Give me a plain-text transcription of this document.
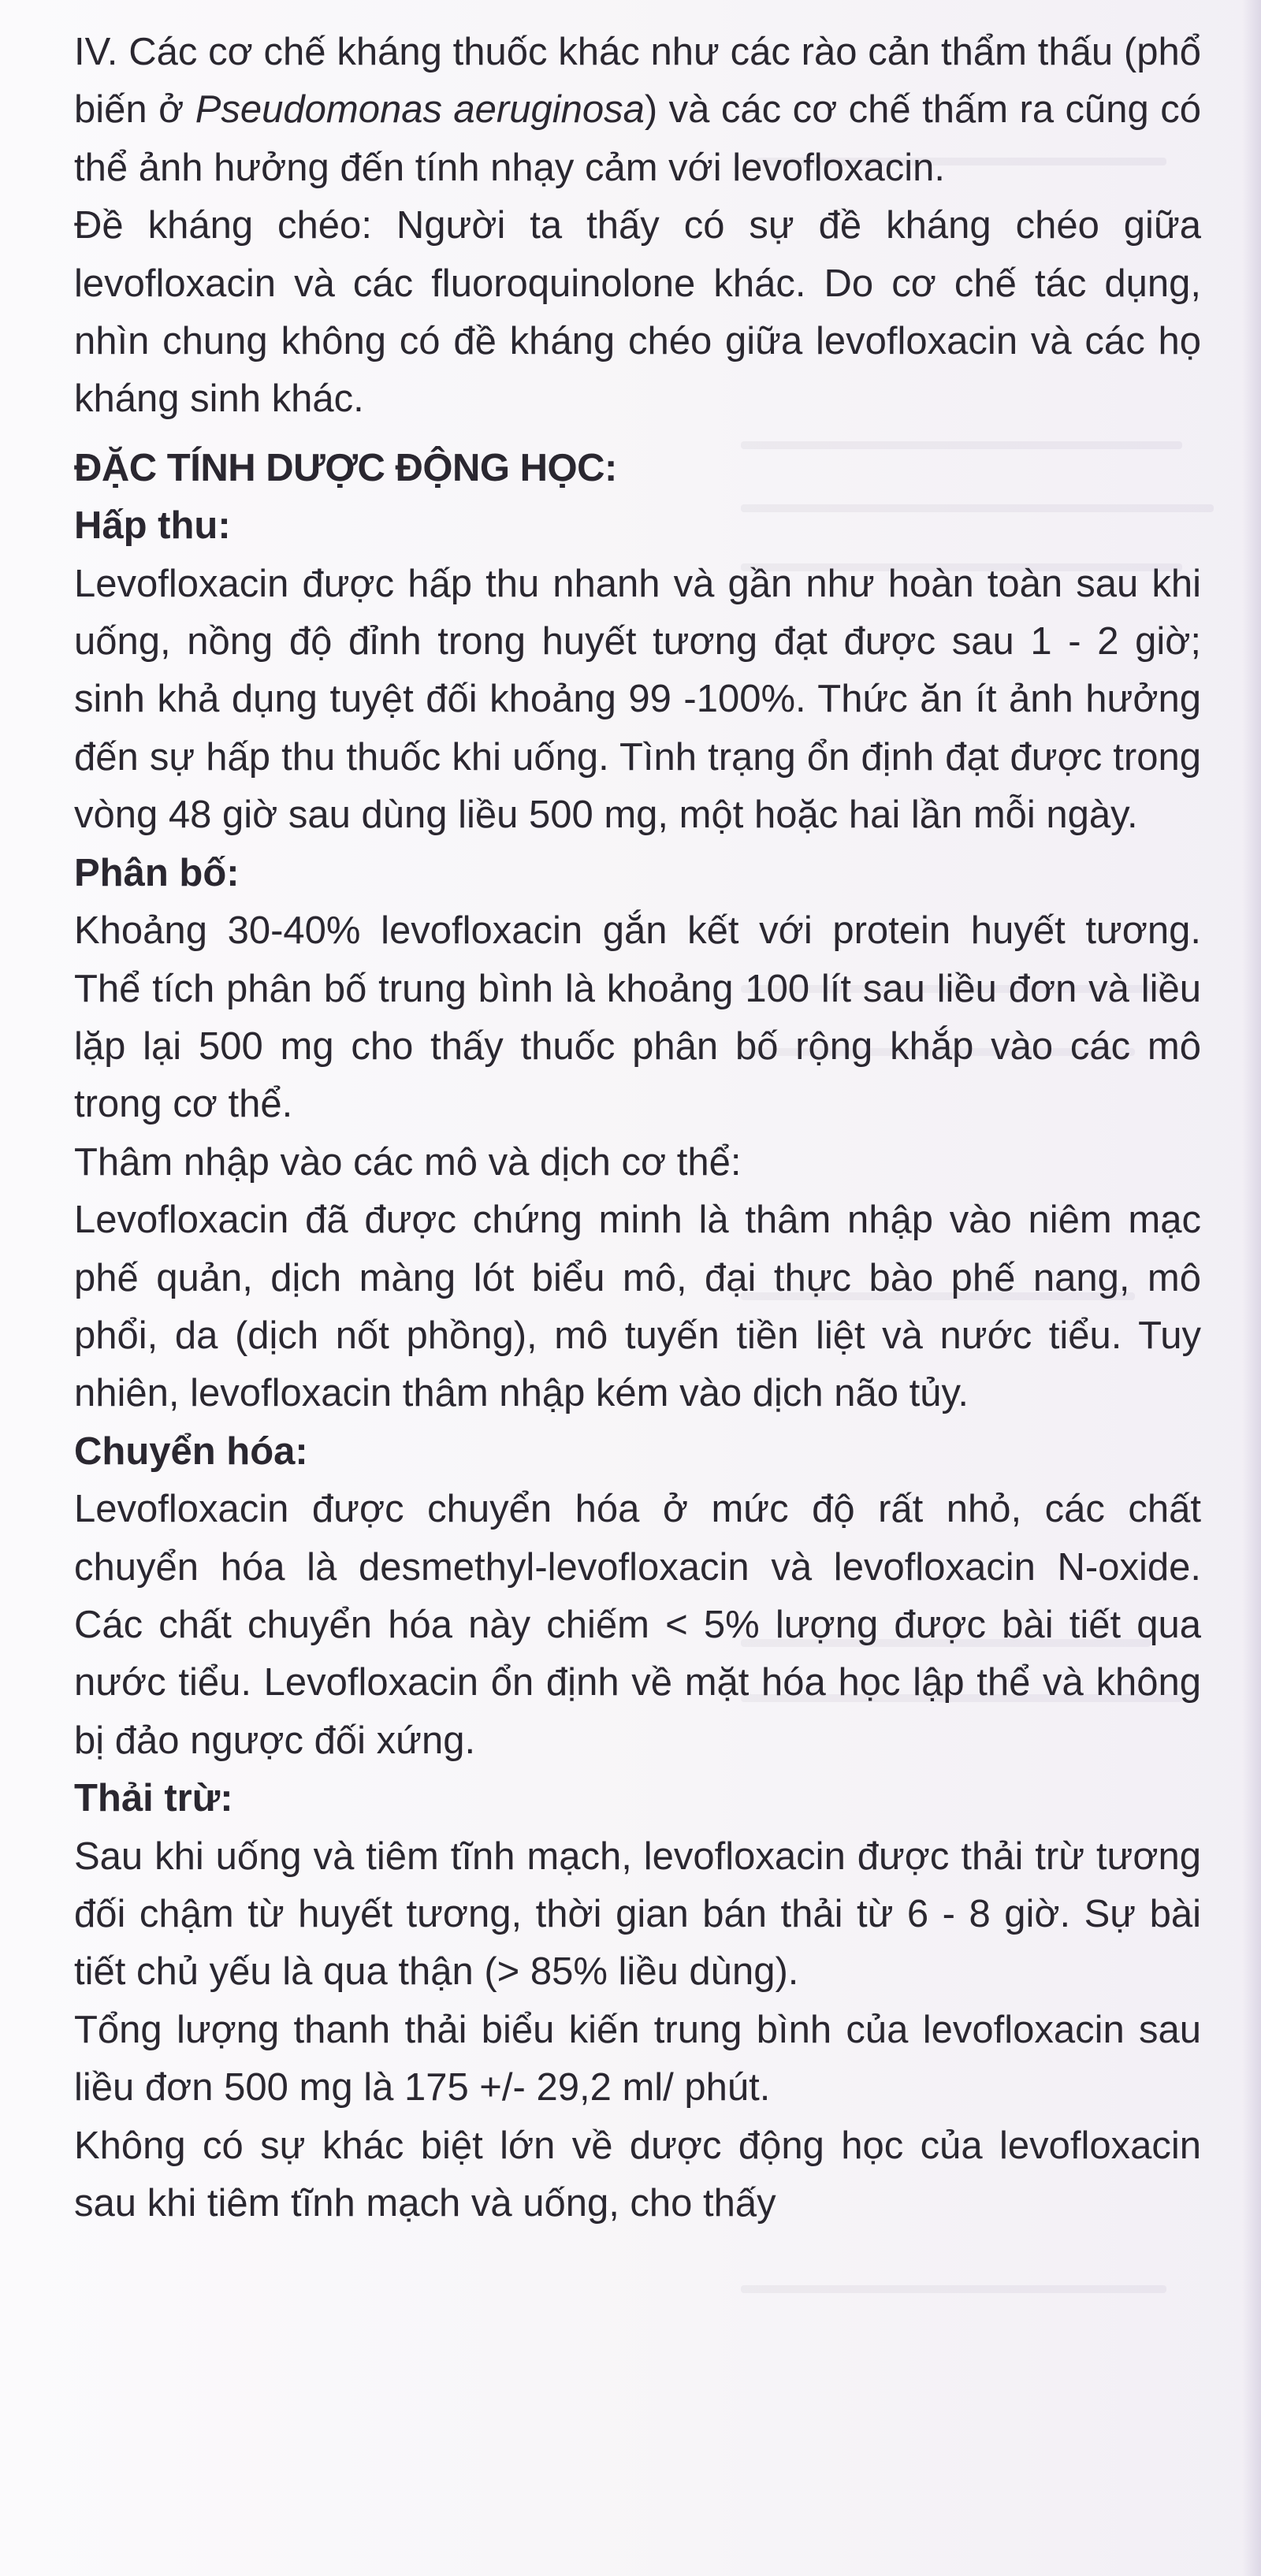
IV. Các cơ chế kháng thuốc khác như các rào cản thẩm thấu (phổ biến ở Pseudomonas aeruginosa) và các cơ chế thấm ra cũng có thể ảnh hưởng đến tính nhạy cảm với levofloxacin.

Đề kháng chéo: Người ta thấy có sự đề kháng chéo giữa levofloxacin và các fluoroquinolone khác. Do cơ chế tác dụng, nhìn chung không có đề kháng chéo giữa levofloxacin và các họ kháng sinh khác.

ĐẶC TÍNH DƯỢC ĐỘNG HỌC:
Hấp thu:

Levofloxacin được hấp thu nhanh và gần như hoàn toàn sau khi uống, nồng độ đỉnh trong huyết tương đạt được sau 1 - 2 giờ; sinh khả dụng tuyệt đối khoảng 99 -100%. Thức ăn ít ảnh hưởng đến sự hấp thu thuốc khi uống. Tình trạng ổn định đạt được trong vòng 48 giờ sau dùng liều 500 mg, một hoặc hai lần mỗi ngày.

Phân bố:

Khoảng 30-40% levofloxacin gắn kết với protein huyết tương. Thể tích phân bố trung bình là khoảng 100 lít sau liều đơn và liều lặp lại 500 mg cho thấy thuốc phân bố rộng khắp vào các mô trong cơ thể.

Thâm nhập vào các mô và dịch cơ thể:

Levofloxacin đã được chứng minh là thâm nhập vào niêm mạc phế quản, dịch màng lót biểu mô, đại thực bào phế nang, mô phổi, da (dịch nốt phồng), mô tuyến tiền liệt và nước tiểu. Tuy nhiên, levofloxacin thâm nhập kém vào dịch não tủy.

Chuyển hóa:

Levofloxacin được chuyển hóa ở mức độ rất nhỏ, các chất chuyển hóa là desmethyl-levofloxacin và levofloxacin N-oxide. Các chất chuyển hóa này chiếm < 5% lượng được bài tiết qua nước tiểu. Levofloxacin ổn định về mặt hóa học lập thể và không bị đảo ngược đối xứng.

Thải trừ:

Sau khi uống và tiêm tĩnh mạch, levofloxacin được thải trừ tương đối chậm từ huyết tương, thời gian bán thải từ 6 - 8 giờ. Sự bài tiết chủ yếu là qua thận (> 85% liều dùng).

Tổng lượng thanh thải biểu kiến trung bình của levofloxacin sau liều đơn 500 mg là 175 +/- 29,2 ml/ phút.

Không có sự khác biệt lớn về dược động học của levofloxacin sau khi tiêm tĩnh mạch và uống, cho thấy
